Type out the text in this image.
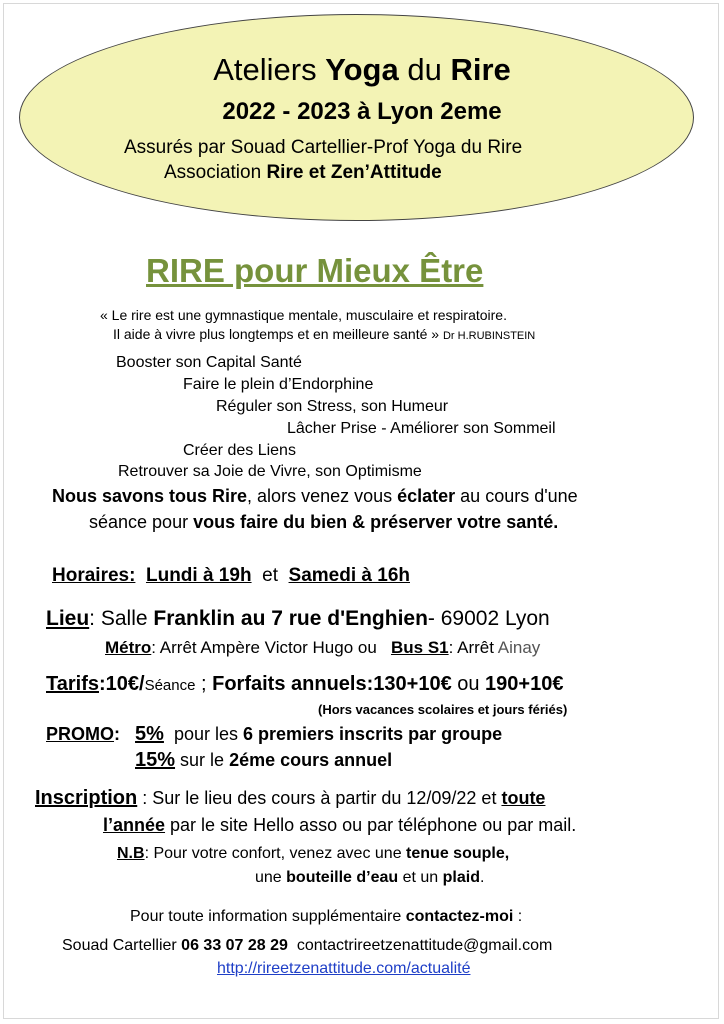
Ateliers Yoga du Rire
2022 - 2023 à Lyon 2eme
Assurés par Souad Cartellier-Prof Yoga du Rire
Association Rire et Zen’Attitude
RIRE pour Mieux Être
« Le rire est une gymnastique mentale, musculaire et respiratoire.
Il aide à vivre plus longtemps et en meilleure santé » Dr H.RUBINSTEIN
Booster son Capital Santé
Faire le plein d’Endorphine
Réguler son Stress, son Humeur
Lâcher Prise - Améliorer son Sommeil
Créer des Liens
Retrouver sa Joie de Vivre, son Optimisme
Nous savons tous Rire, alors venez vous éclater au cours d'une
séance pour vous faire du bien & préserver votre santé.
Horaires: Lundi à 19h et Samedi à 16h
Lieu: Salle Franklin au 7 rue d'Enghien- 69002 Lyon
Métro: Arrêt Ampère Victor Hugo ou Bus S1: Arrêt Ainay
Tarifs:10€/Séance ; Forfaits annuels:130+10€ ou 190+10€
(Hors vacances scolaires et jours fériés)
PROMO: 5% pour les 6 premiers inscrits par groupe
15% sur le 2éme cours annuel
Inscription : Sur le lieu des cours à partir du 12/09/22 et toute
l’année par le site Hello asso ou par téléphone ou par mail.
N.B: Pour votre confort, venez avec une tenue souple,
une bouteille d’eau et un plaid.
Pour toute information supplémentaire contactez-moi :
Souad Cartellier 06 33 07 28 29 contactrireetzenattitude@gmail.com
http://rireetzenattitude.com/actualité
